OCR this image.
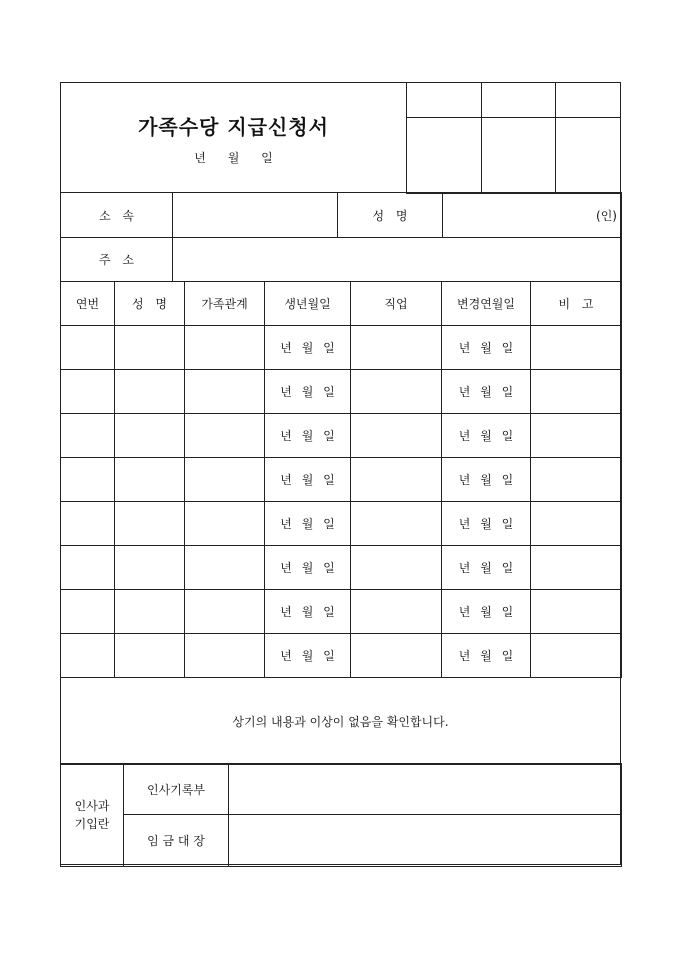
가족수당 지급신청서
년 월 일

소 속		성 명	(인)
주 소			
연번	성 명	가족관계	생년월일	직업	변경연월일	비 고
			년 월 일		년 월 일	
			년 월 일		년 월 일	
			년 월 일		년 월 일	
			년 월 일		년 월 일	
			년 월 일		년 월 일	
			년 월 일		년 월 일	
			년 월 일		년 월 일	
			년 월 일		년 월 일	
상기의 내용과 이상이 없음을 확인합니다.
인사과 기입란	인사기록부	
	임 금 대 장	
